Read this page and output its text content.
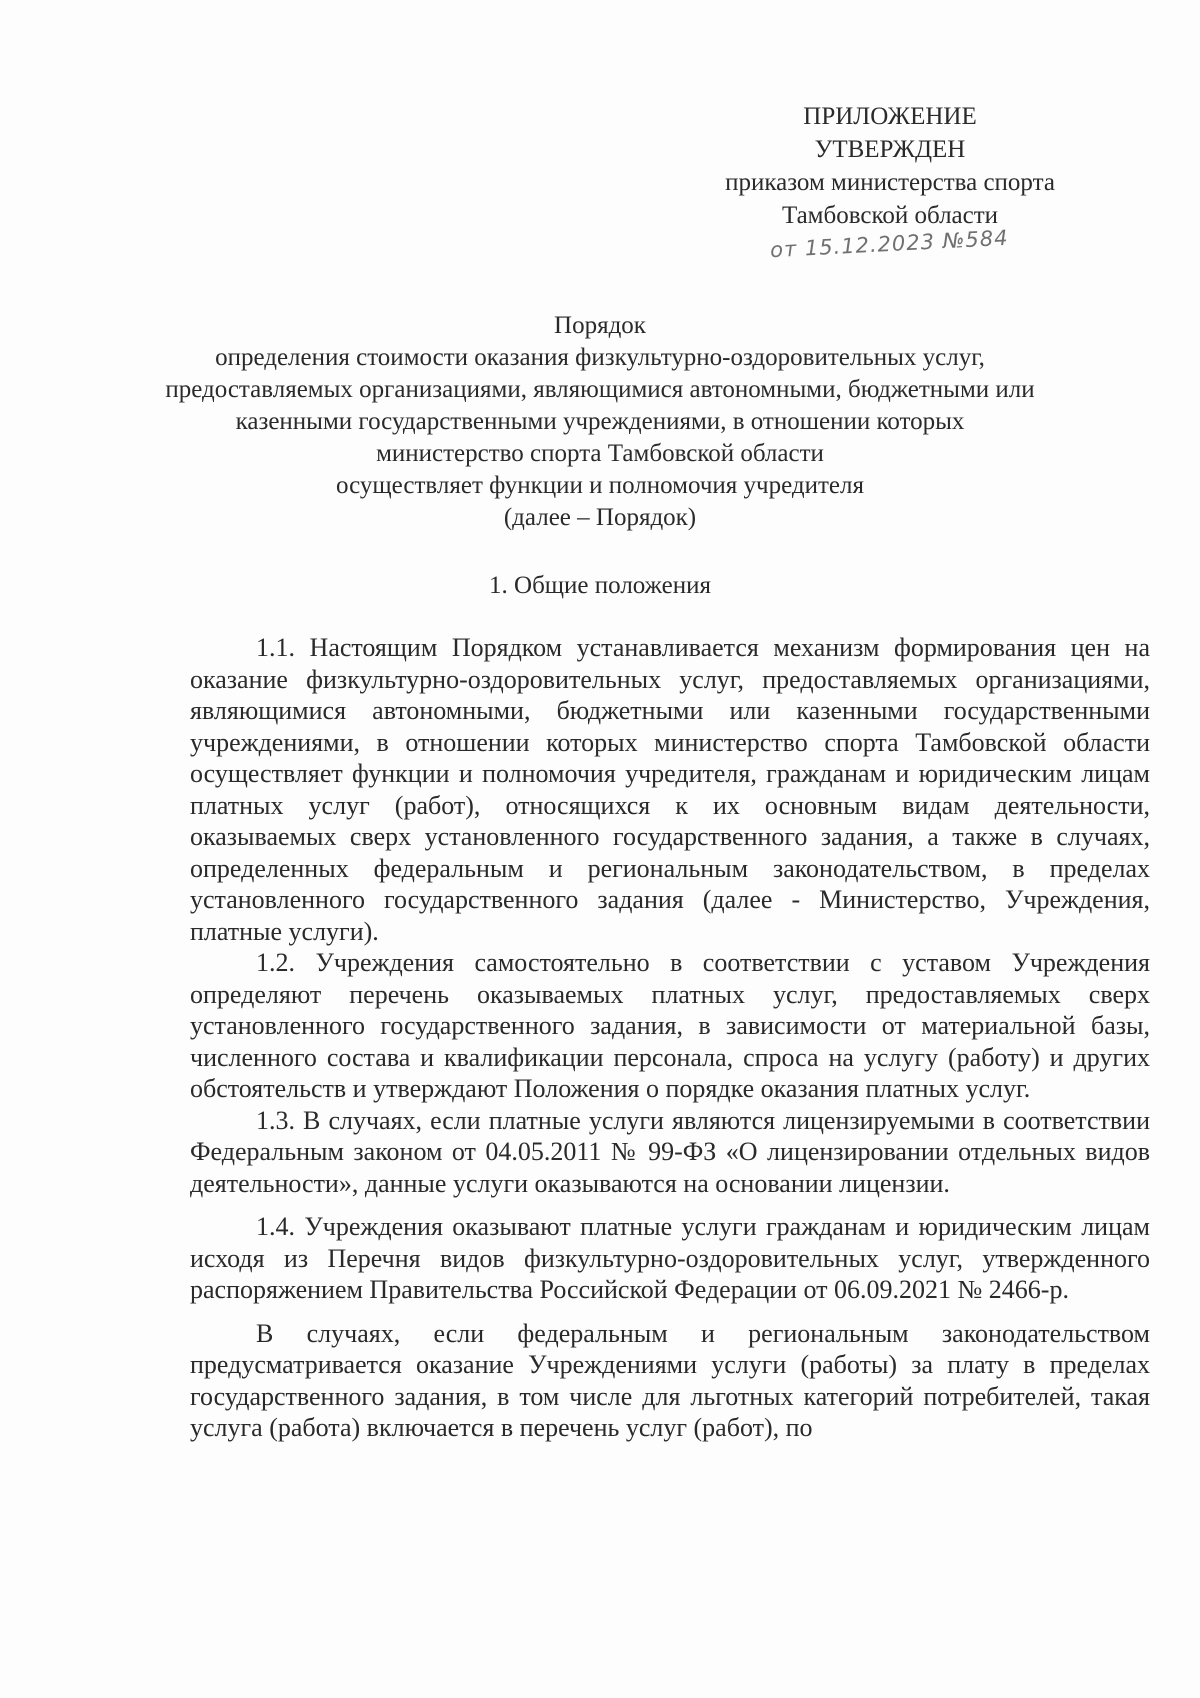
ПРИЛОЖЕНИЕ
УТВЕРЖДЕН
приказом министерства спорта
Тамбовской области
от 15.12.2023 №584
Порядок
определения стоимости оказания физкультурно-оздоровительных услуг,
предоставляемых организациями, являющимися автономными, бюджетными или
казенными государственными учреждениями, в отношении которых
министерство спорта Тамбовской области
осуществляет функции и полномочия учредителя
(далее – Порядок)
1. Общие положения

1.1. Настоящим Порядком устанавливается механизм формирования цен на оказание физкультурно-оздоровительных услуг, предоставляемых организациями, являющимися автономными, бюджетными или казенными государственными учреждениями, в отношении которых министерство спорта Тамбовской области осуществляет функции и полномочия учредителя, гражданам и юридическим лицам платных услуг (работ), относящихся к их основным видам деятельности, оказываемых сверх установленного государственного задания, а также в случаях, определенных федеральным и региональным законодательством, в пределах установленного государственного задания (далее - Министерство, Учреждения, платные услуги).

1.2. Учреждения самостоятельно в соответствии с уставом Учреждения определяют перечень оказываемых платных услуг, предоставляемых сверх установленного государственного задания, в зависимости от материальной базы, численного состава и квалификации персонала, спроса на услугу (работу) и других обстоятельств и утверждают Положения о порядке оказания платных услуг.

1.3. В случаях, если платные услуги являются лицензируемыми в соответствии Федеральным законом от 04.05.2011 № 99-ФЗ «О лицензировании отдельных видов деятельности», данные услуги оказываются на основании лицензии.

1.4. Учреждения оказывают платные услуги гражданам и юридическим лицам исходя из Перечня видов физкультурно-оздоровительных услуг, утвержденного распоряжением Правительства Российской Федерации от 06.09.2021 № 2466-р.

В случаях, если федеральным и региональным законодательством предусматривается оказание Учреждениями услуги (работы) за плату в пределах государственного задания, в том числе для льготных категорий потребителей, такая услуга (работа) включается в перечень услуг (работ), по
